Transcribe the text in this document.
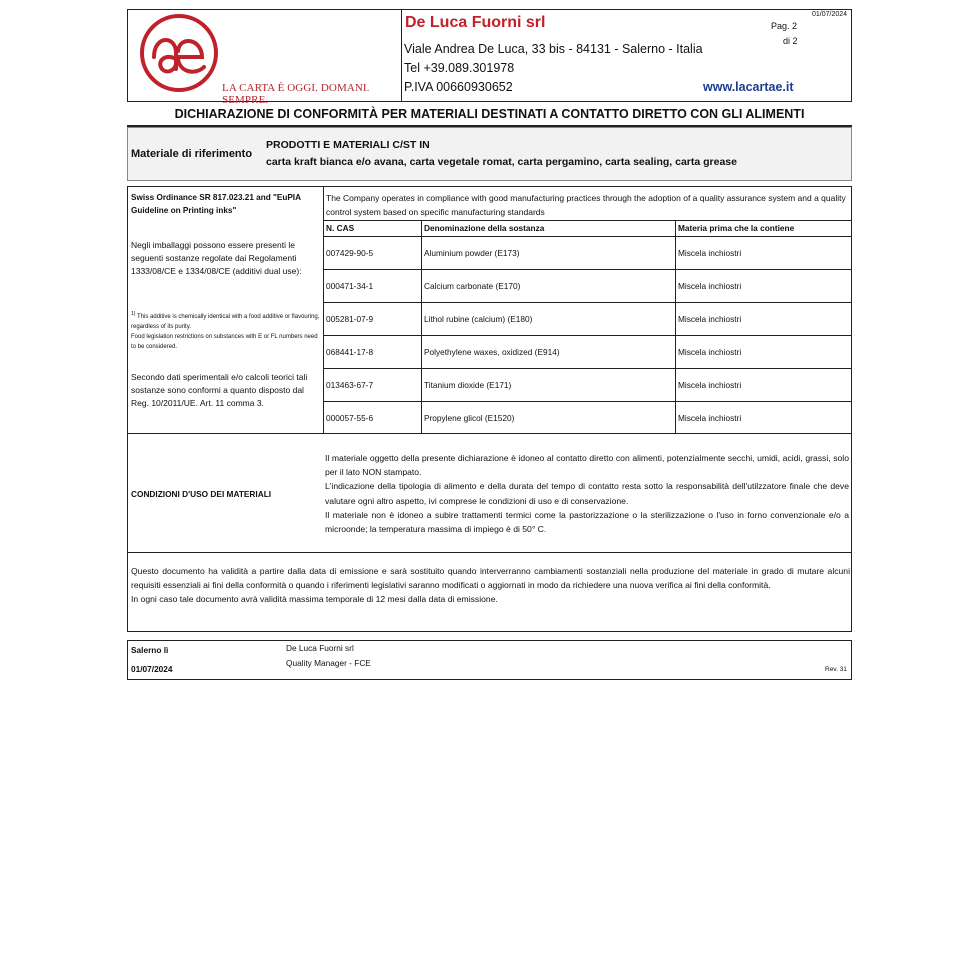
LA CARTA È OGGI. DOMANI. SEMPRE.
De Luca Fuorni srl
Viale Andrea De Luca, 33 bis - 84131 - Salerno - Italia
Tel +39.089.301978
P.IVA 00660930652	www.lacartae.it
Pag. 2
di 2
01/07/2024
DICHIARAZIONE DI CONFORMITÀ PER MATERIALI DESTINATI A CONTATTO DIRETTO CON GLI ALIMENTI
Materiale di riferimento
PRODOTTI E MATERIALI C/ST IN
carta kraft bianca e/o avana, carta vegetale romat, carta pergamino, carta sealing, carta grease
Swiss Ordinance SR 817.023.21 and "EuPIA Guideline on Printing inks"
The Company operates in compliance with good manufacturing practices through the adoption of a quality assurance system and a quality control system based on specific manufacturing standards
N. CAS	Denominazione della sostanza	Materia prima che la contiene
007429-90-5	Aluminium powder (E173)	Miscela inchiostri
000471-34-1	Calcium carbonate (E170)	Miscela inchiostri
005281-07-9	Lithol rubine (calcium) (E180)	Miscela inchiostri
068441-17-8	Polyethylene waxes, oxidized (E914)	Miscela inchiostri
013463-67-7	Titanium dioxide (E171)	Miscela inchiostri
000057-55-6	Propylene glicol (E1520)	Miscela inchiostri
Negli imballaggi possono essere presenti le seguenti sostanze regolate dai Regolamenti 1333/08/CE e 1334/08/CE (additivi dual use):
$^{1)}$ This additive is chemically identical with a food additive or flavouring, regardless of its purity.
Food legislation restrictions on substances with E or FL numbers need to be considered.
Secondo dati sperimentali e/o calcoli teorici tali sostanze sono conformi a quanto disposto dal Reg. 10/2011/UE. Art. 11 comma 3.
CONDIZIONI D'USO DEI MATERIALI

Il materiale oggetto della presente dichiarazione è idoneo al contatto diretto con alimenti, potenzialmente secchi, umidi, acidi, grassi, solo per il lato NON stampato.

L'indicazione della tipologia di alimento e della durata del tempo di contatto resta sotto la responsabilità dell'utilzzatore finale che deve valutare ogni altro aspetto, ivi comprese le condizioni di uso e di conservazione.

Il materiale non è idoneo a subire trattamenti termici come la pastorizzazione o la sterilizzazione o l'uso in forno convenzionale e/o a microonde; la temperatura massima di impiego è di 50° C.

Questo documento ha validità a partire dalla data di emissione e sarà sostituito quando interverranno cambiamenti sostanziali nella produzione del materiale in grado di mutare alcuni requisiti essenziali ai fini della conformità o quando i riferimenti legislativi saranno modificati o aggiornati in modo da richiedere una nuova verifica ai fini della conformità.

In ogni caso tale documento avrà validità massima temporale di 12 mesi dalla data di emissione.

Salerno lì
01/07/2024
De Luca Fuorni srl
Quality Manager - FCE
Rev. 31
